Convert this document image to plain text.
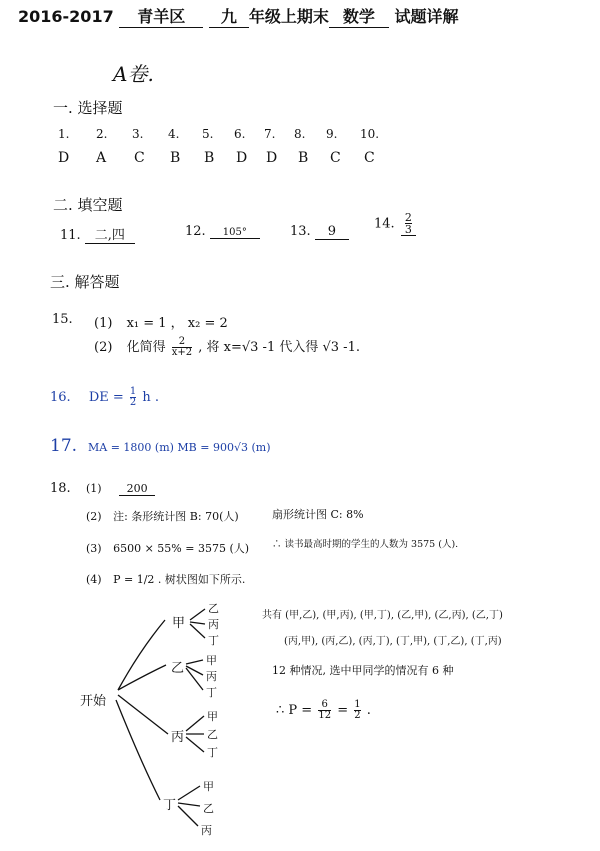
2016-2017 青羊区 九 年级上期末 数学 试题详解
A卷.
一. 选择题
1. 2. 3. 4. 5. 6. 7. 8. 9. 10.
D A C B B D D B C C
二. 填空题
11. 二,四	12. 105°	13. 9	14. $\frac{2}{3}$
三. 解答题
15. (1) x₁ = 1 ， x₂ = 2
(2) 化简得 $\frac{2}{x+2}$ , 将 x=√3 -1 代入得 √3 -1.
16. DE = $\frac{1}{2}$ h .
17. MA = 1800 (m) MB = 900√3 (m)
18. (1) 200
(2) 注: 条形统计图 B: 70(人)	扇形统计图 C: 8%
(3) 6500 × 55% = 3575 (人) ∴ 读书最高时期的学生的人数为 3575 (人).
(4) P = 1/2 . 树状图如下所示.
共有 (甲,乙), (甲,丙), (甲,丁), (乙,甲), (乙,丙), (乙,丁)
(丙,甲), (丙,乙), (丙,丁), (丁,甲), (丁,乙), (丁,丙)
12 种情况, 选中甲同学的情况有 6 种
∴ $P = \frac{6}{12} = \frac{1}{2}$ .
开始
甲
乙
丙
丁
乙
甲
丙
丁
丙
甲
乙
丁
丁
甲
乙
丙
